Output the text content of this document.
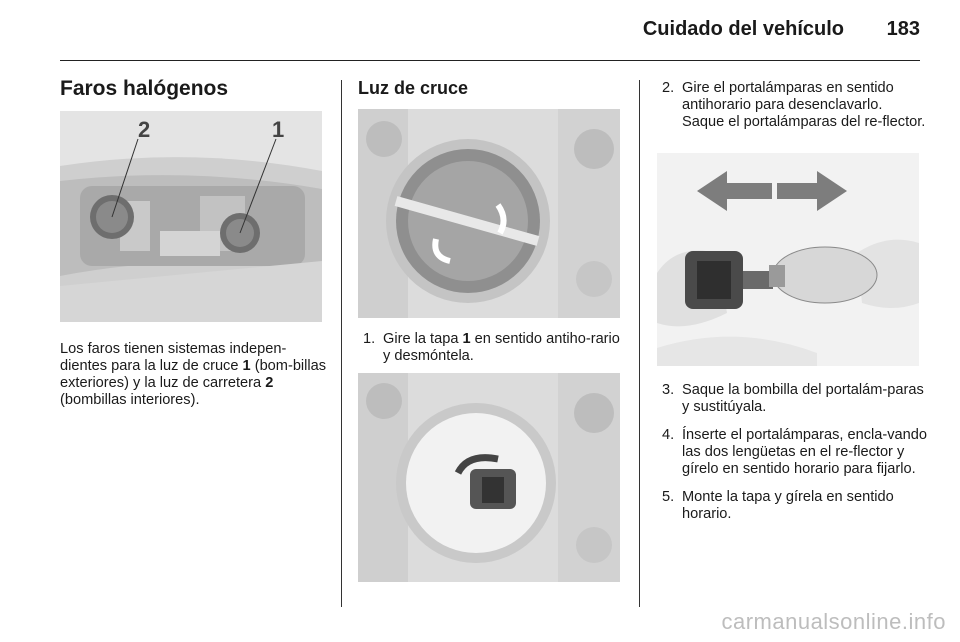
Cuidado del vehículo 183
Faros halógenos
2	1
Los faros tienen sistemas indepen-dientes para la luz de cruce 1 (bom-billas exteriores) y la luz de carretera 2 (bombillas interiores).
Luz de cruce
1. Gire la tapa 1 en sentido antiho-rario y desmóntela.
2. Gire el portalámparas en sentido antihorario para desenclavarlo. Saque el portalámparas del re-flector.
3. Saque la bombilla del portalám-paras y sustitúyala.
4. Ínserte el portalámparas, encla-vando las dos lengüetas en el re-flector y gírelo en sentido horario para fijarlo.
5. Monte la tapa y gírela en sentido horario.
carmanualsonline.info
